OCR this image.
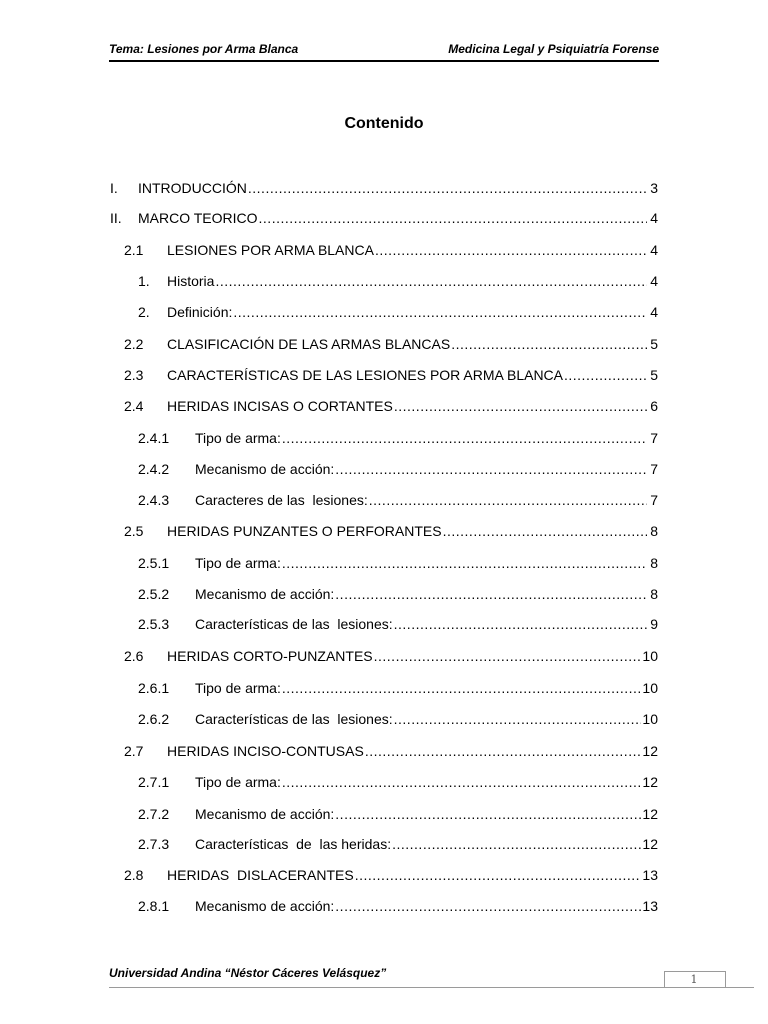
Tema: Lesiones por Arma Blanca	Medicina Legal y Psiquiatría Forense
Contenido
I.	INTRODUCCIÓN .....	3
II.	MARCO TEORICO .....	4
2.1	LESIONES POR ARMA BLANCA .....	4
1.	Historia .....	4
2.	Definición: .....	4
2.2	CLASIFICACIÓN DE LAS ARMAS BLANCAS .....	5
2.3	CARACTERÍSTICAS DE LAS LESIONES POR ARMA BLANCA .....	5
2.4	HERIDAS INCISAS O CORTANTES .....	6
2.4.1	Tipo de arma: .....	7
2.4.2	Mecanismo de acción: .....	7
2.4.3	Caracteres de las  lesiones: .....	7
2.5	HERIDAS PUNZANTES O PERFORANTES .....	8
2.5.1	Tipo de arma: .....	8
2.5.2	Mecanismo de acción: .....	8
2.5.3	Características de las  lesiones: .....	9
2.6	HERIDAS CORTO-PUNZANTES .....	10
2.6.1	Tipo de arma: .....	10
2.6.2	Características de las  lesiones: .....	10
2.7	HERIDAS INCISO-CONTUSAS .....	12
2.7.1	Tipo de arma: .....	12
2.7.2	Mecanismo de acción: .....	12
2.7.3	Características  de  las heridas: .....	12
2.8	HERIDAS  DISLACERANTES .....	13
2.8.1	Mecanismo de acción: .....	13
Universidad Andina “Néstor Cáceres Velásquez”	1
